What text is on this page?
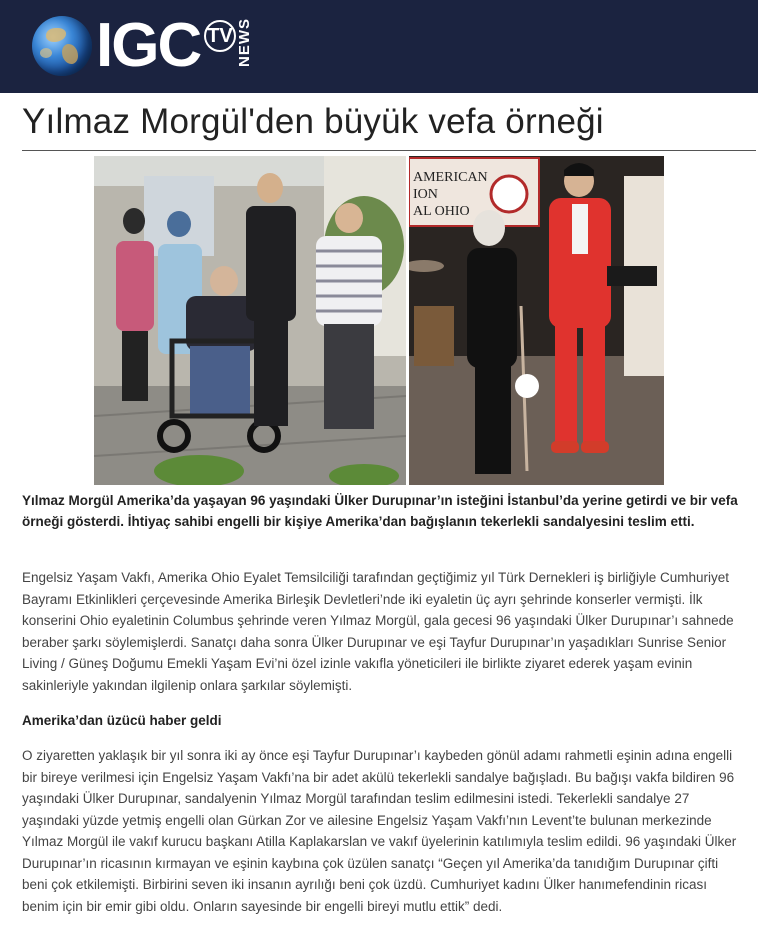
IGC TV NEWS
Yılmaz Morgül'den büyük vefa örneği
AMERICAN
ION
AL OHIO

Yılmaz Morgül Amerika’da yaşayan 96 yaşındaki Ülker Durupınar’ın isteğini İstanbul’da yerine getirdi ve bir vefa örneği gösterdi. İhtiyaç sahibi engelli bir kişiye Amerika’dan bağışlanın tekerlekli sandalyesini teslim etti.

Engelsiz Yaşam Vakfı, Amerika Ohio Eyalet Temsilciliği tarafından geçtiğimiz yıl Türk Dernekleri iş birliğiyle Cumhuriyet Bayramı Etkinlikleri çerçevesinde Amerika Birleşik Devletleri’nde iki eyaletin üç ayrı şehrinde konserler vermişti. İlk konserini Ohio eyaletinin Columbus şehrinde veren Yılmaz Morgül, gala gecesi 96 yaşındaki Ülker Durupınar’ı sahnede beraber şarkı söylemişlerdi. Sanatçı daha sonra Ülker Durupınar ve eşi Tayfur Durupınar’ın yaşadıkları Sunrise Senior Living / Güneş Doğumu Emekli Yaşam Evi’ni özel izinle vakıfla yöneticileri ile birlikte ziyaret ederek yaşam evinin sakinleriyle yakından ilgilenip onlara şarkılar söylemişti.

Amerika’dan üzücü haber geldi

O ziyaretten yaklaşık bir yıl sonra iki ay önce eşi Tayfur Durupınar’ı kaybeden gönül adamı rahmetli eşinin adına engelli bir bireye verilmesi için Engelsiz Yaşam Vakfı’na bir adet akülü tekerlekli sandalye bağışladı. Bu bağışı vakfa bildiren 96 yaşındaki Ülker Durupınar, sandalyenin Yılmaz Morgül tarafından teslim edilmesini istedi. Tekerlekli sandalye 27 yaşındaki yüzde yetmiş engelli olan Gürkan Zor ve ailesine Engelsiz Yaşam Vakfı’nın Levent’te bulunan merkezinde Yılmaz Morgül ile vakıf kurucu başkanı Atilla Kaplakarslan ve vakıf üyelerinin katılımıyla teslim edildi. 96 yaşındaki Ülker Durupınar’ın ricasının kırmayan ve eşinin kaybına çok üzülen sanatçı “Geçen yıl Amerika’da tanıdığım Durupınar çifti beni çok etkilemişti. Birbirini seven iki insanın ayrılığı beni çok üzdü. Cumhuriyet kadını Ülker hanımefendinin ricası benim için bir emir gibi oldu. Onların sayesinde bir engelli bireyi mutlu ettik” dedi.
